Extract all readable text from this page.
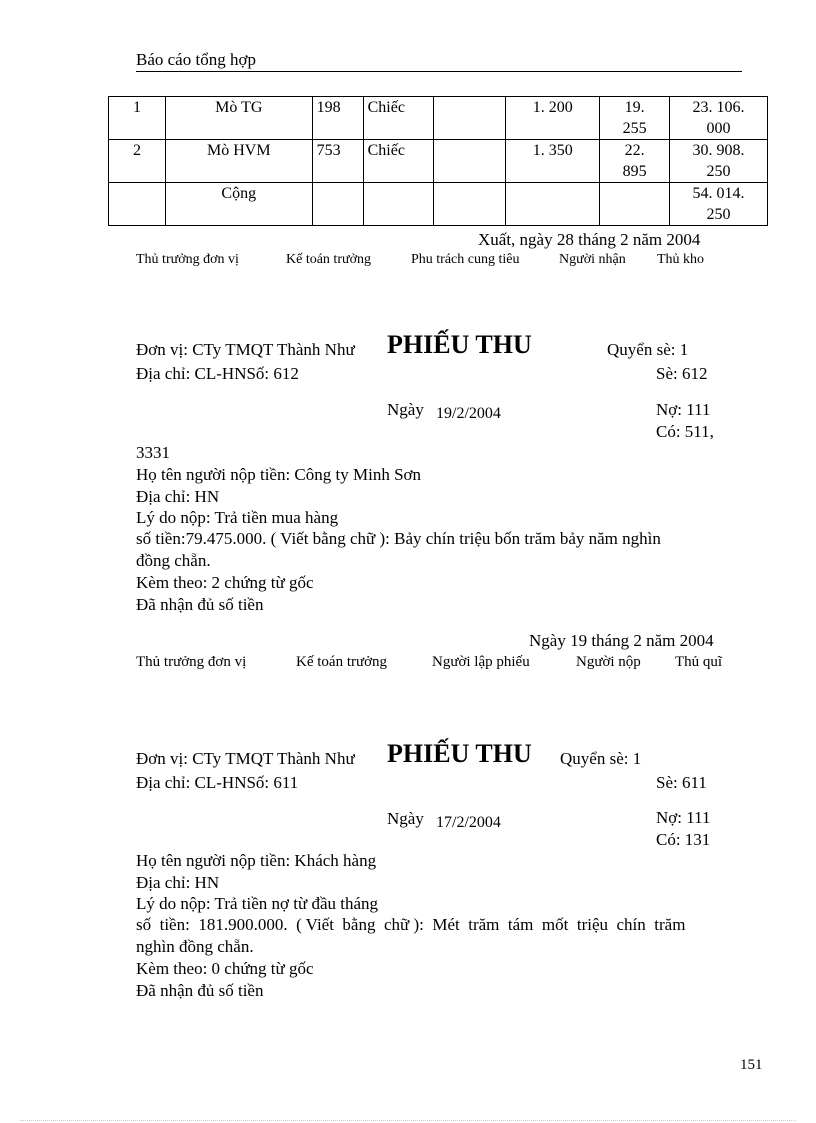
Báo cáo tổng hợp
1	Mò TG	198	Chiếc		1. 200	19.
255	23. 106.
000
2	Mò HVM	753	Chiếc		1. 350	22.
895	30. 908.
250
	Cộng						54. 014.
250
Xuất, ngày 28 tháng 2 năm 2004
Thủ trưởng đơn vị	Kế toán trưởng	Phu trách cung tiêu	Người nhận Thủ kho
Đơn vị: CTy TMQT Thành Như PHIẾU THU	Quyển sè: 1
Địa chỉ: CL-HNSố: 612	Sè: 612
Ngày 19/2/2004	Nợ: 111
Có: 511,
3331
Họ tên người nộp tiền: Công ty Minh Sơn
Địa chỉ: HN
Lý do nộp: Trả tiền mua hàng
số tiền:79.475.000. ( Viết bằng chữ ): Bảy chín triệu bốn trăm bảy năm nghìn
đồng chẵn.
Kèm theo: 2 chứng từ gốc
Đã nhận đủ số tiền
Ngày 19 tháng 2 năm 2004
Thủ trưởng đơn vị	Kế toán trưởng	Người lập phiếu	Người nộp Thủ quĩ
Đơn vị: CTy TMQT Thành Như PHIẾU THU Quyển sè: 1
Địa chỉ: CL-HNSố: 611	Sè: 611
Ngày 17/2/2004	Nợ: 111
Có: 131
Họ tên người nộp tiền: Khách hàng
Địa chỉ: HN
Lý do nộp: Trả tiền nợ từ đầu tháng
số  tiền:  181.900.000.  ( Viết  bằng  chữ ):  Mét  trăm  tám  mốt  triệu  chín  trăm
nghìn đồng chẵn.
Kèm theo: 0 chứng từ gốc
Đã nhận đủ số tiền
151
